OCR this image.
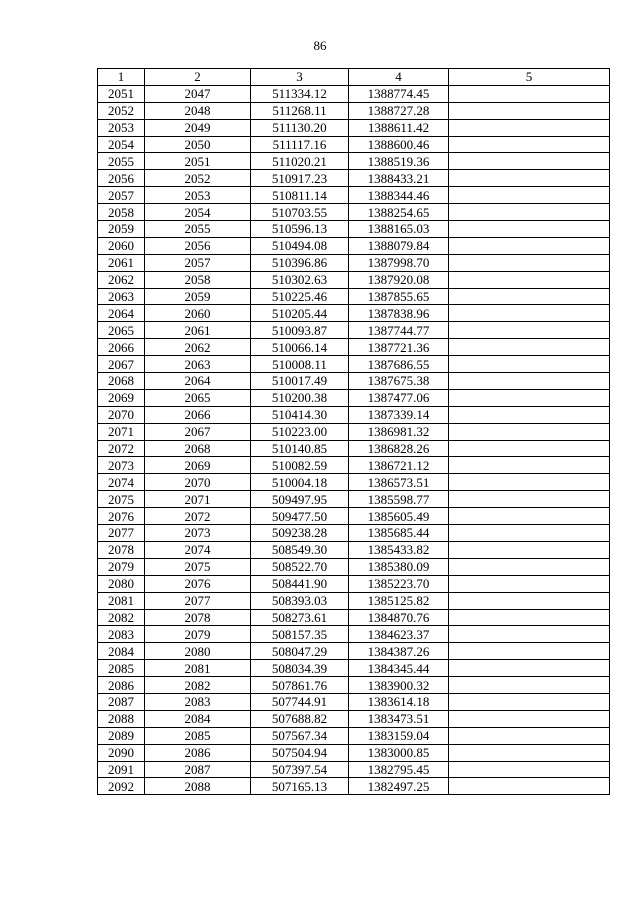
86
1	2	3	4	5
2051	2047	511334.12	1388774.45	
2052	2048	511268.11	1388727.28	
2053	2049	511130.20	1388611.42	
2054	2050	511117.16	1388600.46	
2055	2051	511020.21	1388519.36	
2056	2052	510917.23	1388433.21	
2057	2053	510811.14	1388344.46	
2058	2054	510703.55	1388254.65	
2059	2055	510596.13	1388165.03	
2060	2056	510494.08	1388079.84	
2061	2057	510396.86	1387998.70	
2062	2058	510302.63	1387920.08	
2063	2059	510225.46	1387855.65	
2064	2060	510205.44	1387838.96	
2065	2061	510093.87	1387744.77	
2066	2062	510066.14	1387721.36	
2067	2063	510008.11	1387686.55	
2068	2064	510017.49	1387675.38	
2069	2065	510200.38	1387477.06	
2070	2066	510414.30	1387339.14	
2071	2067	510223.00	1386981.32	
2072	2068	510140.85	1386828.26	
2073	2069	510082.59	1386721.12	
2074	2070	510004.18	1386573.51	
2075	2071	509497.95	1385598.77	
2076	2072	509477.50	1385605.49	
2077	2073	509238.28	1385685.44	
2078	2074	508549.30	1385433.82	
2079	2075	508522.70	1385380.09	
2080	2076	508441.90	1385223.70	
2081	2077	508393.03	1385125.82	
2082	2078	508273.61	1384870.76	
2083	2079	508157.35	1384623.37	
2084	2080	508047.29	1384387.26	
2085	2081	508034.39	1384345.44	
2086	2082	507861.76	1383900.32	
2087	2083	507744.91	1383614.18	
2088	2084	507688.82	1383473.51	
2089	2085	507567.34	1383159.04	
2090	2086	507504.94	1383000.85	
2091	2087	507397.54	1382795.45	
2092	2088	507165.13	1382497.25	
